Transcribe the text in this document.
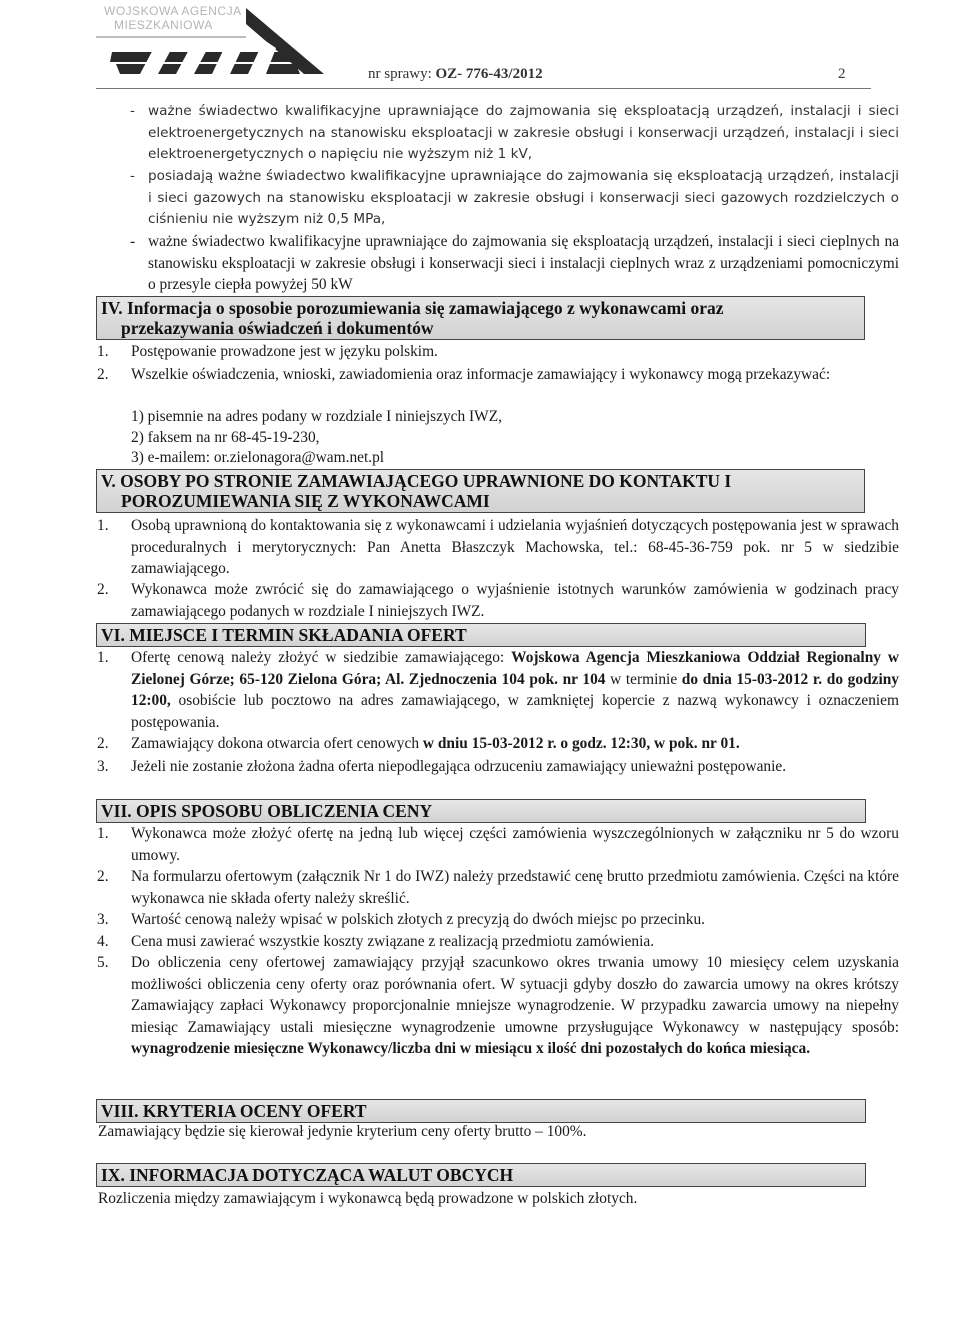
WOJSKOWA AGENCJA
MIESZKANIOWA
nr sprawy: OZ- 776-43/2012	2
- ważne świadectwo kwalifikacyjne uprawniające do zajmowania się eksploatacją urządzeń, instalacji i sieci elektroenergetycznych na stanowisku eksploatacji w zakresie obsługi i konserwacji urządzeń, instalacji i sieci elektroenergetycznych o napięciu nie wyższym niż 1 kV,
- posiadają ważne świadectwo kwalifikacyjne uprawniające do zajmowania się eksploatacją urządzeń, instalacji i sieci gazowych na stanowisku eksploatacji w zakresie obsługi i konserwacji sieci gazowych rozdzielczych o ciśnieniu nie wyższym niż 0,5 MPa,
- ważne świadectwo kwalifikacyjne uprawniające do zajmowania się eksploatacją urządzeń, instalacji i sieci cieplnych na stanowisku eksploatacji w zakresie obsługi i konserwacji sieci i instalacji cieplnych wraz z urządzeniami pomocniczymi o przesyle ciepła powyżej 50 kW
IV. Informacja o sposobie porozumiewania się zamawiającego z wykonawcami oraz
przekazywania oświadczeń i dokumentów
1. Postępowanie prowadzone jest w języku polskim.
2. Wszelkie oświadczenia, wnioski, zawiadomienia oraz informacje zamawiający i wykonawcy mogą przekazywać:
1) pisemnie na adres podany w rozdziale I niniejszych IWZ,
2) faksem na nr 68-45-19-230,
3) e-mailem: or.zielonagora@wam.net.pl
V. OSOBY PO STRONIE ZAMAWIAJĄCEGO UPRAWNIONE DO KONTAKTU I
POROZUMIEWANIA SIĘ Z WYKONAWCAMI
1. Osobą uprawnioną do kontaktowania się z wykonawcami i udzielania wyjaśnień dotyczących postępowania jest w sprawach proceduralnych i merytorycznych: Pan Anetta Błaszczyk Machowska, tel.: 68-45-36-759 pok. nr 5 w siedzibie zamawiającego.
2. Wykonawca może zwrócić się do zamawiającego o wyjaśnienie istotnych warunków zamówienia w godzinach pracy zamawiającego podanych w rozdziale I niniejszych IWZ.
VI. MIEJSCE I TERMIN SKŁADANIA OFERT
1. Ofertę cenową należy złożyć w siedzibie zamawiającego: Wojskowa Agencja Mieszkaniowa Oddział Regionalny w Zielonej Górze; 65-120 Zielona Góra; Al. Zjednoczenia 104 pok. nr 104 w terminie do dnia 15-03-2012 r. do godziny 12:00, osobiście lub pocztowo na adres zamawiającego, w zamkniętej kopercie z nazwą wykonawcy i oznaczeniem postępowania.
2. Zamawiający dokona otwarcia ofert cenowych w dniu 15-03-2012 r. o godz. 12:30, w pok. nr 01.
3. Jeżeli nie zostanie złożona żadna oferta niepodlegająca odrzuceniu zamawiający unieważni postępowanie.
VII. OPIS SPOSOBU OBLICZENIA CENY
1. Wykonawca może złożyć ofertę na jedną lub więcej części zamówienia wyszczególnionych w załączniku nr 5 do wzoru umowy.
2. Na formularzu ofertowym (załącznik Nr 1 do IWZ) należy przedstawić cenę brutto przedmiotu zamówienia. Części na które wykonawca nie składa oferty należy skreślić.
3. Wartość cenową należy wpisać w polskich złotych z precyzją do dwóch miejsc po przecinku.
4. Cena musi zawierać wszystkie koszty związane z realizacją przedmiotu zamówienia.
5. Do obliczenia ceny ofertowej zamawiający przyjął szacunkowo okres trwania umowy 10 miesięcy celem uzyskania możliwości obliczenia ceny oferty oraz porównania ofert. W sytuacji gdyby doszło do zawarcia umowy na okres krótszy Zamawiający zapłaci Wykonawcy proporcjonalnie mniejsze wynagrodzenie. W przypadku zawarcia umowy na niepełny miesiąc Zamawiający ustali miesięczne wynagrodzenie umowne przysługujące Wykonawcy w następujący sposób: wynagrodzenie miesięczne Wykonawcy/liczba dni w miesiącu x ilość dni pozostałych do końca miesiąca.
VIII. KRYTERIA OCENY OFERT
Zamawiający będzie się kierował jedynie kryterium ceny oferty brutto – 100%.
IX. INFORMACJA DOTYCZĄCA WALUT OBCYCH
Rozliczenia między zamawiającym i wykonawcą będą prowadzone w polskich złotych.
